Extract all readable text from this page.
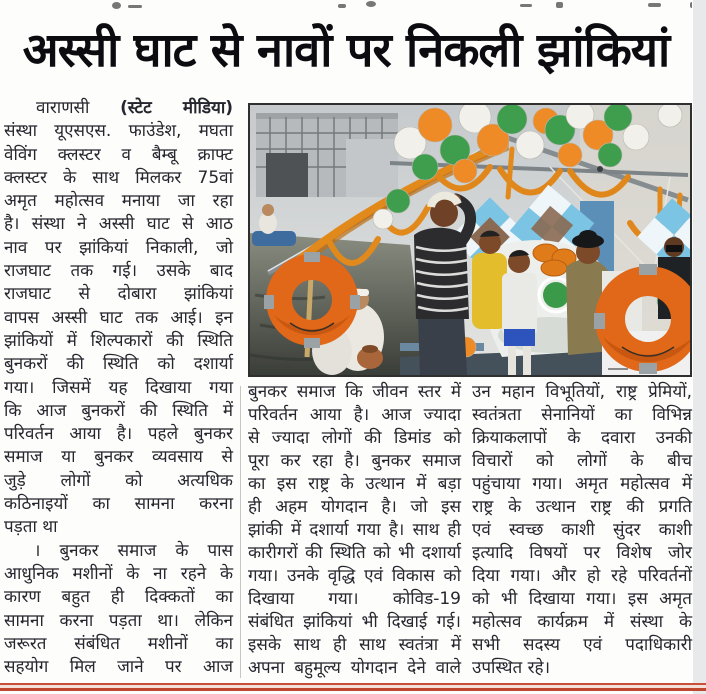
अस्सी घाट से नावों पर निकली झांकियां
वाराणसी (स्टेट मीडिया)
संस्था यूएसएस. फाउंडेश, मघता
वेविंग क्लस्टर व बैम्बू क्राफ्ट
क्लस्टर के साथ मिलकर 75वां
अमृत महोत्सव मनाया जा रहा
है। संस्था ने अस्सी घाट से आठ
नाव पर झांकियां निकाली, जो
राजघाट तक गई। उसके बाद
राजघाट से दोबारा झांकियां
वापस अस्सी घाट तक आई। इन
झांकियों में शिल्पकारों की स्थिति
बुनकरों की स्थिति को दशार्या
गया। जिसमें यह दिखाया गया
कि आज बुनकरों की स्थिति में
परिवर्तन आया है। पहले बुनकर
समाज या बुनकर व्यवसाय से
जुड़े लोगों को अत्यधिक
कठिनाइयों का सामना करना
पड़ता था
। बुनकर समाज के पास
आधुनिक मशीनों के ना रहने के
कारण बहुत ही दिक्कतों का
सामना करना पड़ता था। लेकिन
जरूरत संबंधित मशीनों का
सहयोग मिल जाने पर आज
बुनकर समाज कि जीवन स्तर में
परिवर्तन आया है। आज ज्यादा
से ज्यादा लोगों की डिमांड को
पूरा कर रहा है। बुनकर समाज
का इस राष्ट्र के उत्थान में बड़ा
ही अहम योगदान है। जो इस
झांकी में दशार्या गया है। साथ ही
कारीगरों की स्थिति को भी दशार्या
गया। उनके वृद्धि एवं विकास को
दिखाया गया। कोविड-19
संबंधित झांकियां भी दिखाई गई।
इसके साथ ही साथ स्वतंत्रा में
अपना बहुमूल्य योगदान देने वाले
उन महान विभूतियों, राष्ट्र प्रेमियों,
स्वतंत्रता सेनानियों का विभिन्न
क्रियाकलापों के दवारा उनकी
विचारों को लोगों के बीच
पहुंचाया गया। अमृत महोत्सव में
राष्ट्र के उत्थान राष्ट्र की प्रगति
एवं स्वच्छ काशी सुंदर काशी
इत्यादि विषयों पर विशेष जोर
दिया गया। और हो रहे परिवर्तनों
को भी दिखाया गया। इस अमृत
महोत्सव कार्यक्रम में संस्था के
सभी सदस्य एवं पदाधिकारी
उपस्थित रहे।
